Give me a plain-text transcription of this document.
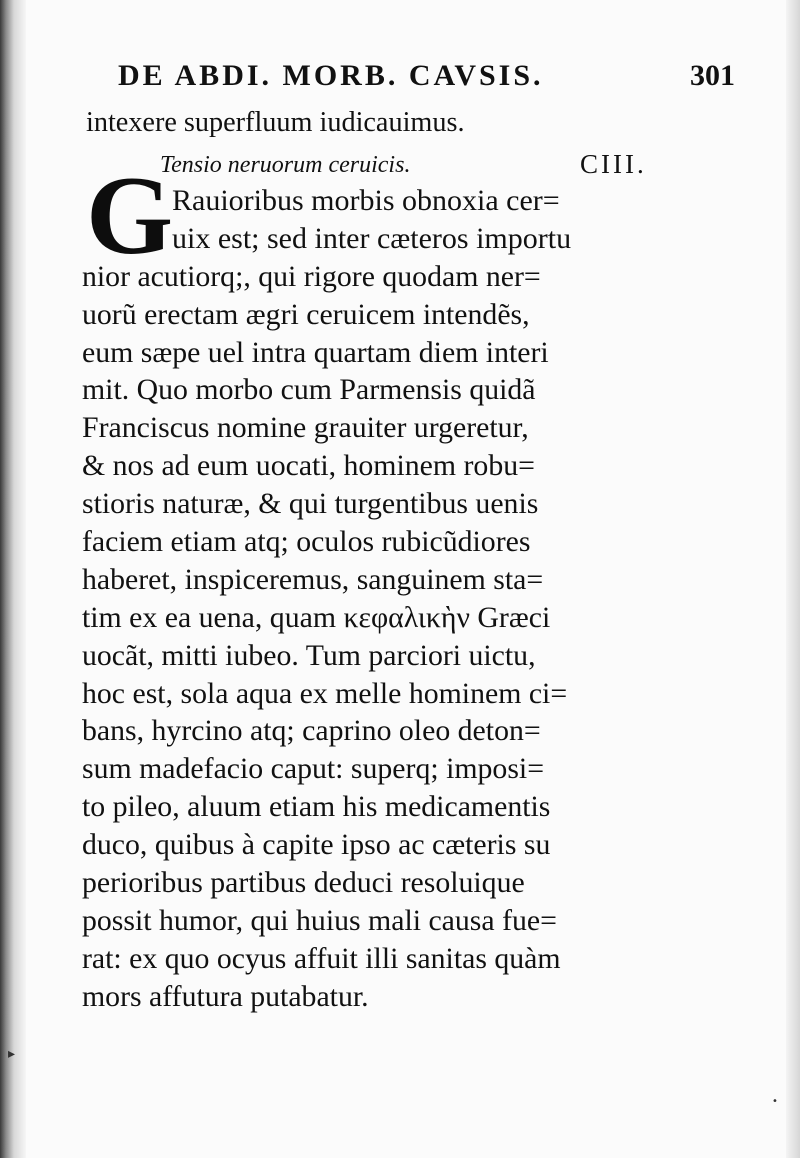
DE ABDI. MORB. CAVSIS.	301
intexere superfluum iudicauimus.
Tensio neruorum ceruicis.	CIII.
G
Rauioribus morbis obnoxia cer=
uix est; sed inter cæteros importu
nior acutiorq;, qui rigore quodam ner=
uorũ erectam ægri ceruicem intendẽs,
eum sæpe uel intra quartam diem interi
mit. Quo morbo cum Parmensis quidã
Franciscus nomine grauiter urgeretur,
& nos ad eum uocati, hominem robu=
stioris naturæ, & qui turgentibus uenis
faciem etiam atq; oculos rubicũdiores
haberet, inspiceremus, sanguinem sta=
tim ex ea uena, quam κεφαλικὴν Græci
uocãt, mitti iubeo. Tum parciori uictu,
hoc est, sola aqua ex melle hominem ci=
bans, hyrcino atq; caprino oleo deton=
sum madefacio caput: superq; imposi=
to pileo, aluum etiam his medicamentis
duco, quibus à capite ipso ac cæteris su
perioribus partibus deduci resoluique
possit humor, qui huius mali causa fue=
rat: ex quo ocyus affuit illi sanitas quàm
mors affutura putabatur.
▸
•
